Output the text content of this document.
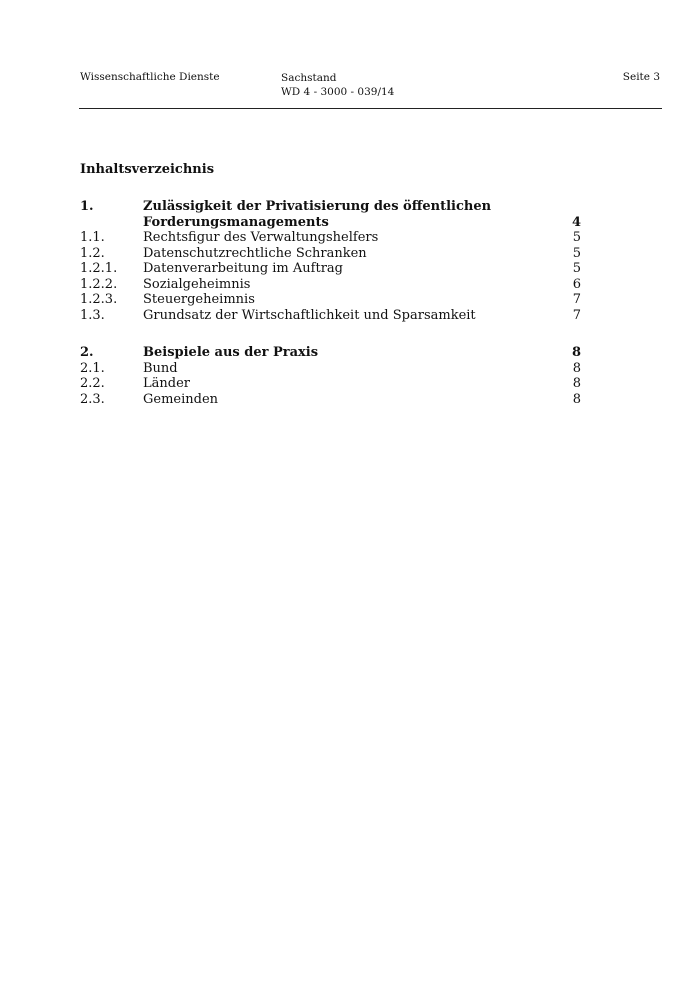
Wissenschaftliche Dienste	Sachstand
WD 4 - 3000 - 039/14
Seite 3
Inhaltsverzeichnis
1.	Zulässigkeit der Privatisierung des öffentlichen
Forderungsmanagements	4
1.1.	Rechtsfigur des Verwaltungshelfers	5
1.2.	Datenschutzrechtliche Schranken	5
1.2.1. Datenverarbeitung im Auftrag	5
1.2.2. Sozialgeheimnis	6
1.2.3. Steuergeheimnis	7
1.3.	Grundsatz der Wirtschaftlichkeit und Sparsamkeit	7
2.	Beispiele aus der Praxis	8
2.1.	Bund	8
2.2.	Länder	8
2.3.	Gemeinden	8
